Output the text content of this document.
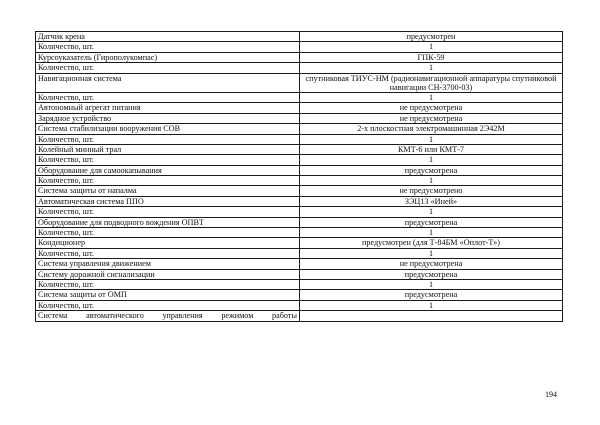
Датчик крена	предусмотрен
Количество, шт.	1
Курсоуказатель (Гирополукомпас)	ГПК-59
Количество, шт.	1
Навигационная система	спутниковая ТИУС-НМ (радионавигационной аппаратуры спутниковой навигации СН-3700-03)
Количество, шт.	1
Автономный агрегат питания	не предусмотрена
Зарядное устройство	не предусмотрена
Система стабилизации вооружения СОВ	2-х плоскостная электромашинная 2Э42М
Количество, шт.	1
Колейный минный трал	КМТ-6 или КМТ-7
Количество, шт.	1
Оборудование для самоокапывания	предусмотрена
Количество, шт.	1
Система защиты от напалма	не предусмотрено
Автоматическая система ППО	ЗЭЦ13 «Иней»
Количество, шт.	1
Оборудование для подводного вождения ОПВТ	предусмотрена
Количество, шт.	1
Кондиционер	предусмотрен (для Т-84БМ «Оплот-Т»)
Количество, шт.	1
Система управления движением	не предусмотрена
Систему дорожной сигнализации	предусмотрена
Количество, шт.	1
Система защиты от ОМП	предусмотрена
Количество, шт.	1
Система автоматического управления режимом работы	
194
